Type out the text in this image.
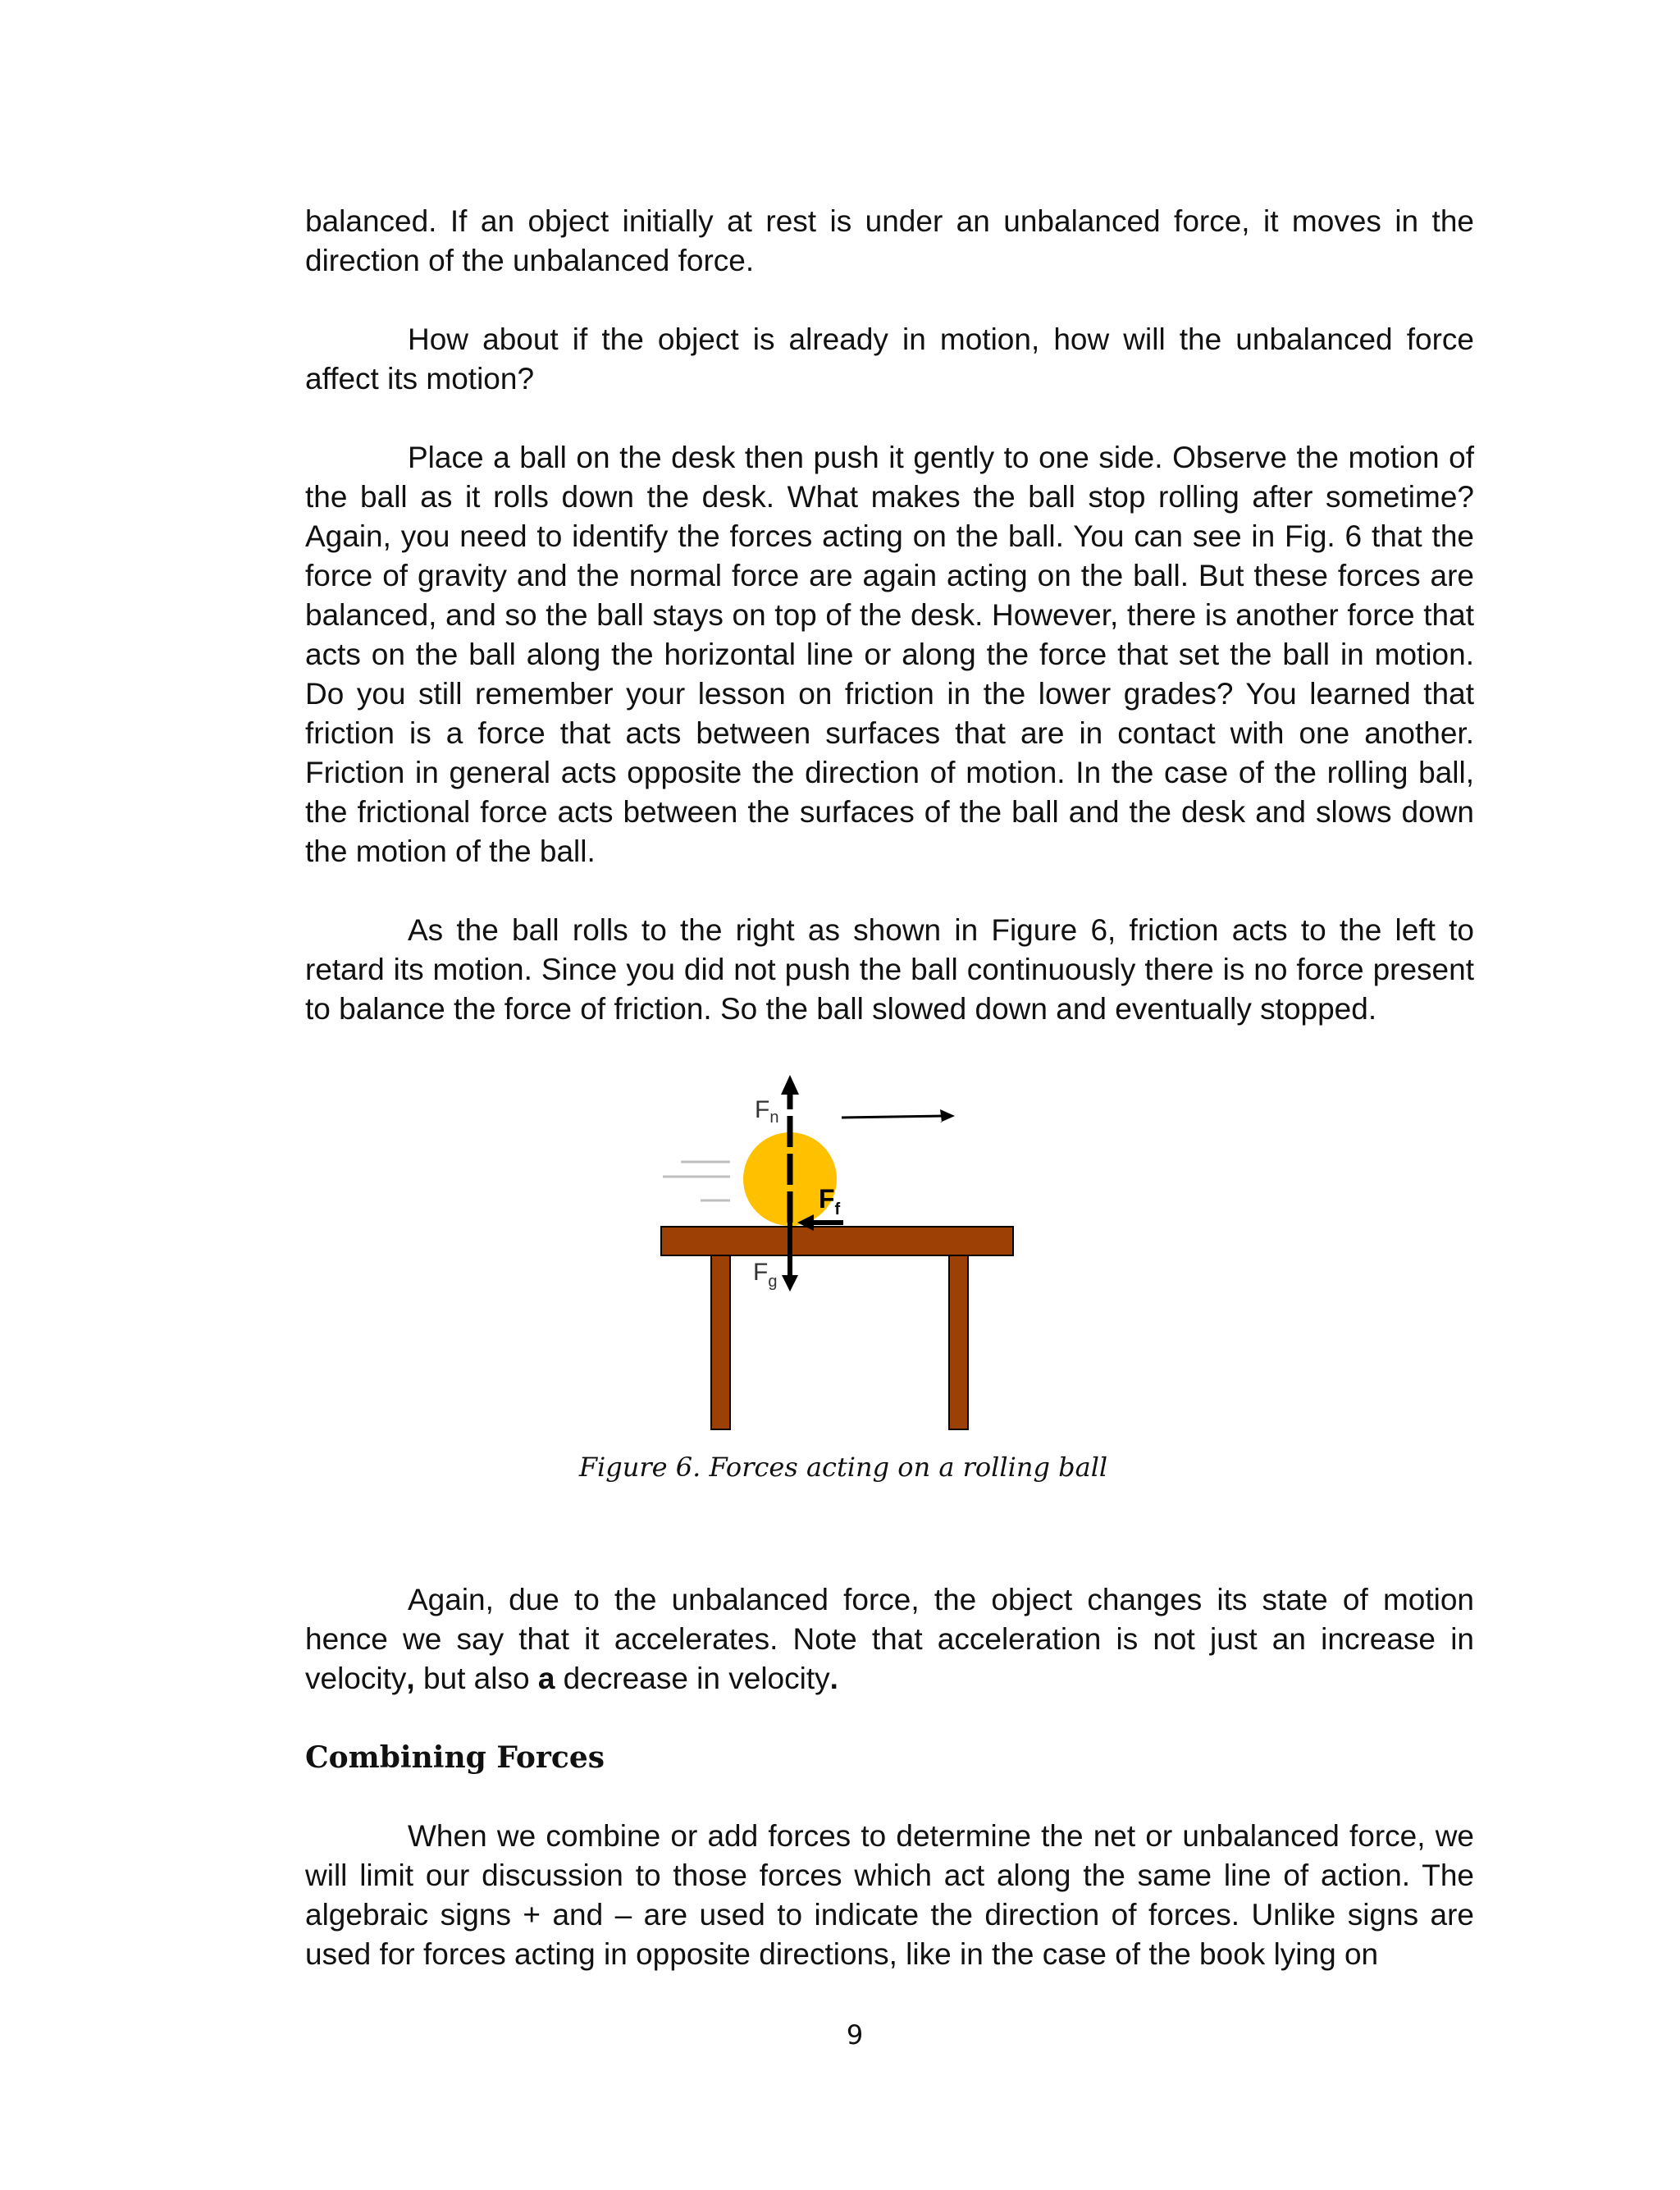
balanced. If an object initially at rest is under an unbalanced force, it moves in the direction of the unbalanced force.

How about if the object is already in motion, how will the unbalanced force affect its motion?

Place a ball on the desk then push it gently to one side. Observe the motion of the ball as it rolls down the desk. What makes the ball stop rolling after sometime? Again, you need to identify the forces acting on the ball. You can see in Fig. 6 that the force of gravity and the normal force are again acting on the ball. But these forces are balanced, and so the ball stays on top of the desk. However, there is another force that acts on the ball along the horizontal line or along the force that set the ball in motion. Do you still remember your lesson on friction in the lower grades? You learned that friction is a force that acts between surfaces that are in contact with one another. Friction in general acts opposite the direction of motion. In the case of the rolling ball, the frictional force acts between the surfaces of the ball and the desk and slows down the motion of the ball.

As the ball rolls to the right as shown in Figure 6, friction acts to the left to retard its motion. Since you did not push the ball continuously there is no force present to balance the force of friction. So the ball slowed down and eventually stopped.

$F_n$
$F_f$
$F_g$

Figure 6. Forces acting on a rolling ball

Again, due to the unbalanced force, the object changes its state of motion hence we say that it accelerates. Note that acceleration is not just an increase in velocity, but also a decrease in velocity.

Combining Forces

When we combine or add forces to determine the net or unbalanced force, we will limit our discussion to those forces which act along the same line of action. The algebraic signs + and – are used to indicate the direction of forces. Unlike signs are used for forces acting in opposite directions, like in the case of the book lying on

9
